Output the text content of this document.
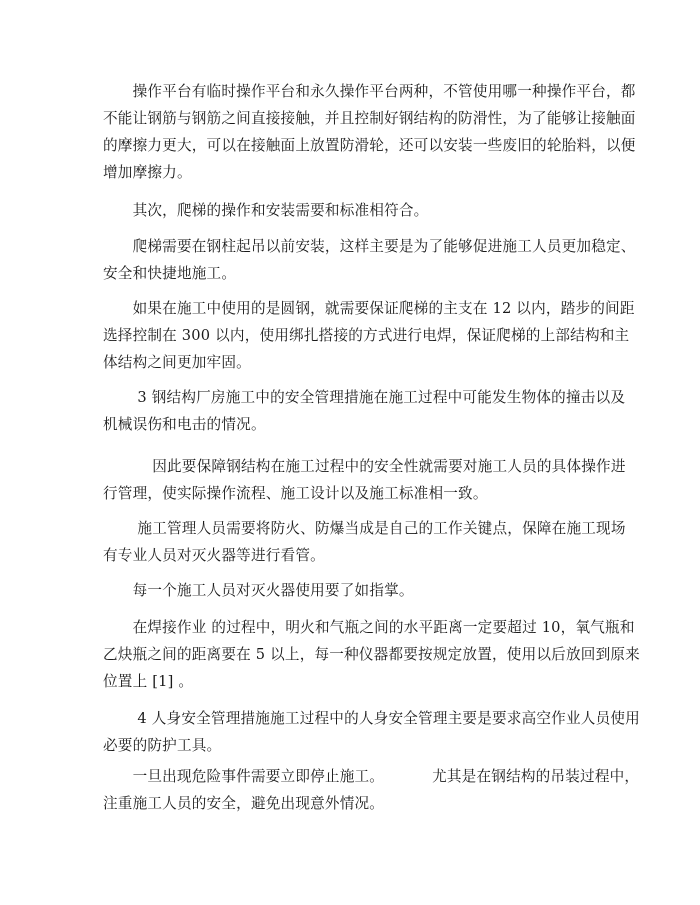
　　操作平台有临时操作平台和永久操作平台两种，不管使用哪一种操作平台，都
不能让钢筋与钢筋之间直接接触，并且控制好钢结构的防滑性，为了能够让接触面
的摩擦力更大，可以在接触面上放置防滑轮，还可以安装一些废旧的轮胎料，以便
增加摩擦力。

　　其次，爬梯的操作和安装需要和标准相符合。

　　爬梯需要在钢柱起吊以前安装，这样主要是为了能够促进施工人员更加稳定、
安全和快捷地施工。

　　如果在施工中使用的是圆钢，就需要保证爬梯的主支在 12 以内，踏步的间距
选择控制在 300 以内，使用绑扎搭接的方式进行电焊，保证爬梯的上部结构和主
体结构之间更加牢固。

　　 3 钢结构厂房施工中的安全管理措施在施工过程中可能发生物体的撞击以及
机械误伤和电击的情况。

　　　 因此要保障钢结构在施工过程中的安全性就需要对施工人员的具体操作进
行管理，使实际操作流程、施工设计以及施工标准相一致。

　　 施工管理人员需要将防火、防爆当成是自己的工作关键点，保障在施工现场
有专业人员对灭火器等进行看管。

　　每一个施工人员对灭火器使用要了如指掌。

　　在焊接作业 的过程中，明火和气瓶之间的水平距离一定要超过 10，氧气瓶和
乙炔瓶之间的距离要在 5 以上，每一种仪器都要按规定放置，使用以后放回到原来
位置上 [1] 。

　　 4 人身安全管理措施施工过程中的人身安全管理主要是要求高空作业人员使用
必要的防护工具。

　　一旦出现危险事件需要立即停止施工。	尤其是在钢结构的吊装过程中，
注重施工人员的安全，避免出现意外情况。
